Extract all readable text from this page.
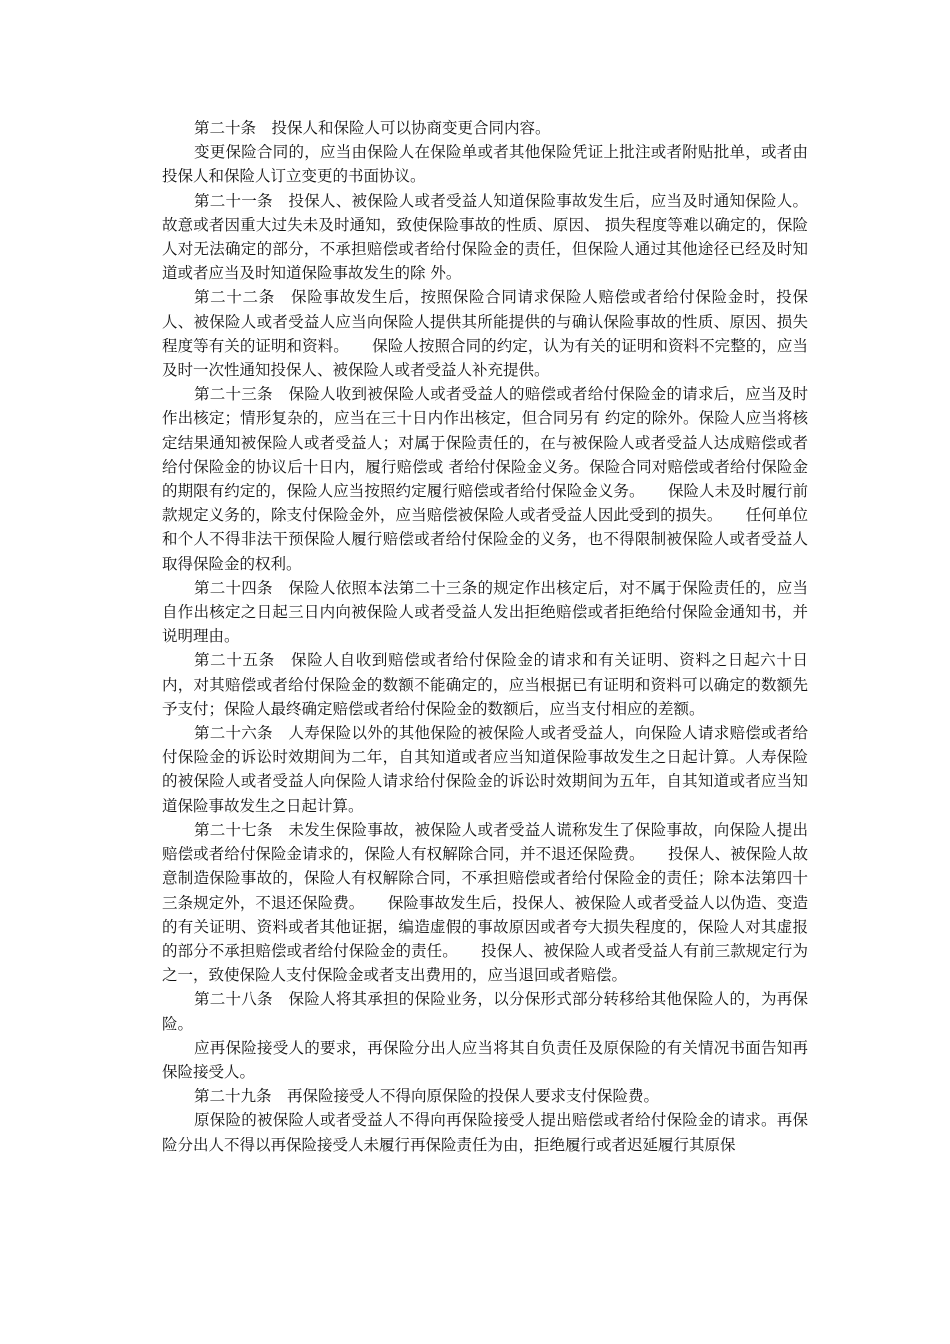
第二十条　投保人和保险人可以协商变更合同内容。

变更保险合同的，应当由保险人在保险单或者其他保险凭证上批注或者附贴批单，或者由投保人和保险人订立变更的书面协议。

第二十一条　投保人、被保险人或者受益人知道保险事故发生后，应当及时通知保险人。故意或者因重大过失未及时通知，致使保险事故的性质、原因、 损失程度等难以确定的，保险人对无法确定的部分，不承担赔偿或者给付保险金的责任，但保险人通过其他途径已经及时知道或者应当及时知道保险事故发生的除 外。

第二十二条　保险事故发生后，按照保险合同请求保险人赔偿或者给付保险金时，投保人、被保险人或者受益人应当向保险人提供其所能提供的与确认保险事故的性质、原因、损失程度等有关的证明和资料。　　保险人按照合同的约定，认为有关的证明和资料不完整的，应当及时一次性通知投保人、被保险人或者受益人补充提供。

第二十三条　保险人收到被保险人或者受益人的赔偿或者给付保险金的请求后，应当及时作出核定；情形复杂的，应当在三十日内作出核定，但合同另有 约定的除外。保险人应当将核定结果通知被保险人或者受益人；对属于保险责任的，在与被保险人或者受益人达成赔偿或者给付保险金的协议后十日内，履行赔偿或 者给付保险金义务。保险合同对赔偿或者给付保险金的期限有约定的，保险人应当按照约定履行赔偿或者给付保险金义务。　　保险人未及时履行前款规定义务的，除支付保险金外，应当赔偿被保险人或者受益人因此受到的损失。　　任何单位和个人不得非法干预保险人履行赔偿或者给付保险金的义务，也不得限制被保险人或者受益人取得保险金的权利。

第二十四条　保险人依照本法第二十三条的规定作出核定后，对不属于保险责任的，应当自作出核定之日起三日内向被保险人或者受益人发出拒绝赔偿或者拒绝给付保险金通知书，并说明理由。

第二十五条　保险人自收到赔偿或者给付保险金的请求和有关证明、资料之日起六十日内，对其赔偿或者给付保险金的数额不能确定的，应当根据已有证明和资料可以确定的数额先予支付；保险人最终确定赔偿或者给付保险金的数额后，应当支付相应的差额。

第二十六条　人寿保险以外的其他保险的被保险人或者受益人，向保险人请求赔偿或者给付保险金的诉讼时效期间为二年，自其知道或者应当知道保险事故发生之日起计算。人寿保险的被保险人或者受益人向保险人请求给付保险金的诉讼时效期间为五年，自其知道或者应当知道保险事故发生之日起计算。

第二十七条　未发生保险事故，被保险人或者受益人谎称发生了保险事故，向保险人提出赔偿或者给付保险金请求的，保险人有权解除合同，并不退还保险费。　　投保人、被保险人故意制造保险事故的，保险人有权解除合同，不承担赔偿或者给付保险金的责任；除本法第四十三条规定外，不退还保险费。　　保险事故发生后，投保人、被保险人或者受益人以伪造、变造的有关证明、资料或者其他证据，编造虚假的事故原因或者夸大损失程度的，保险人对其虚报的部分不承担赔偿或者给付保险金的责任。　　投保人、被保险人或者受益人有前三款规定行为之一，致使保险人支付保险金或者支出费用的，应当退回或者赔偿。

第二十八条　保险人将其承担的保险业务，以分保形式部分转移给其他保险人的，为再保险。

应再保险接受人的要求，再保险分出人应当将其自负责任及原保险的有关情况书面告知再保险接受人。

第二十九条　再保险接受人不得向原保险的投保人要求支付保险费。

原保险的被保险人或者受益人不得向再保险接受人提出赔偿或者给付保险金的请求。再保险分出人不得以再保险接受人未履行再保险责任为由，拒绝履行或者迟延履行其原保
